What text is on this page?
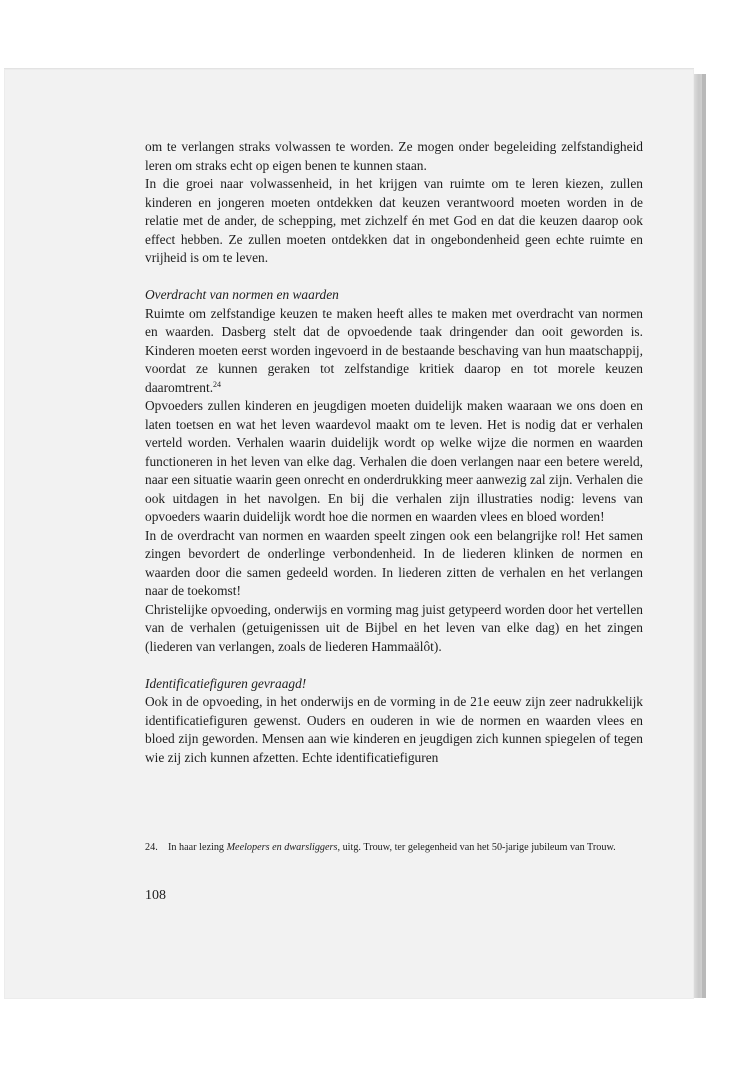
om te verlangen straks volwassen te worden. Ze mogen onder begeleiding zelfstandigheid leren om straks echt op eigen benen te kunnen staan.

In die groei naar volwassenheid, in het krijgen van ruimte om te leren kiezen, zullen kinderen en jongeren moeten ontdekken dat keuzen verantwoord moeten worden in de relatie met de ander, de schepping, met zichzelf én met God en dat die keuzen daarop ook effect hebben. Ze zullen moeten ontdekken dat in ongebondenheid geen echte ruimte en vrijheid is om te leven.

Overdracht van normen en waarden

Ruimte om zelfstandige keuzen te maken heeft alles te maken met overdracht van normen en waarden. Dasberg stelt dat de opvoedende taak dringender dan ooit geworden is. Kinderen moeten eerst worden ingevoerd in de bestaande beschaving van hun maatschappij, voordat ze kunnen geraken tot zelfstandige kritiek daarop en tot morele keuzen daaromtrent.$^{24}$

Opvoeders zullen kinderen en jeugdigen moeten duidelijk maken waaraan we ons doen en laten toetsen en wat het leven waardevol maakt om te leven. Het is nodig dat er verhalen verteld worden. Verhalen waarin duidelijk wordt op welke wijze die normen en waarden functioneren in het leven van elke dag. Verhalen die doen verlangen naar een betere wereld, naar een situatie waarin geen onrecht en onderdrukking meer aanwezig zal zijn. Verhalen die ook uitdagen in het navolgen. En bij die verhalen zijn illustraties nodig: levens van opvoeders waarin duidelijk wordt hoe die normen en waarden vlees en bloed worden!

In de overdracht van normen en waarden speelt zingen ook een belangrijke rol! Het samen zingen bevordert de onderlinge verbondenheid. In de liederen klinken de normen en waarden door die samen gedeeld worden. In liederen zitten de verhalen en het verlangen naar de toekomst!

Christelijke opvoeding, onderwijs en vorming mag juist getypeerd worden door het vertellen van de verhalen (getuigenissen uit de Bijbel en het leven van elke dag) en het zingen (liederen van verlangen, zoals de liederen Hammaälôt).

Identificatiefiguren gevraagd!

Ook in de opvoeding, in het onderwijs en de vorming in de 21e eeuw zijn zeer nadrukkelijk identificatiefiguren gewenst. Ouders en ouderen in wie de normen en waarden vlees en bloed zijn geworden. Mensen aan wie kinderen en jeugdigen zich kunnen spiegelen of tegen wie zij zich kunnen afzetten. Echte identificatiefiguren

24. In haar lezing Meelopers en dwarsliggers, uitg. Trouw, ter gelegenheid van het 50-jarige jubileum van Trouw.

108
